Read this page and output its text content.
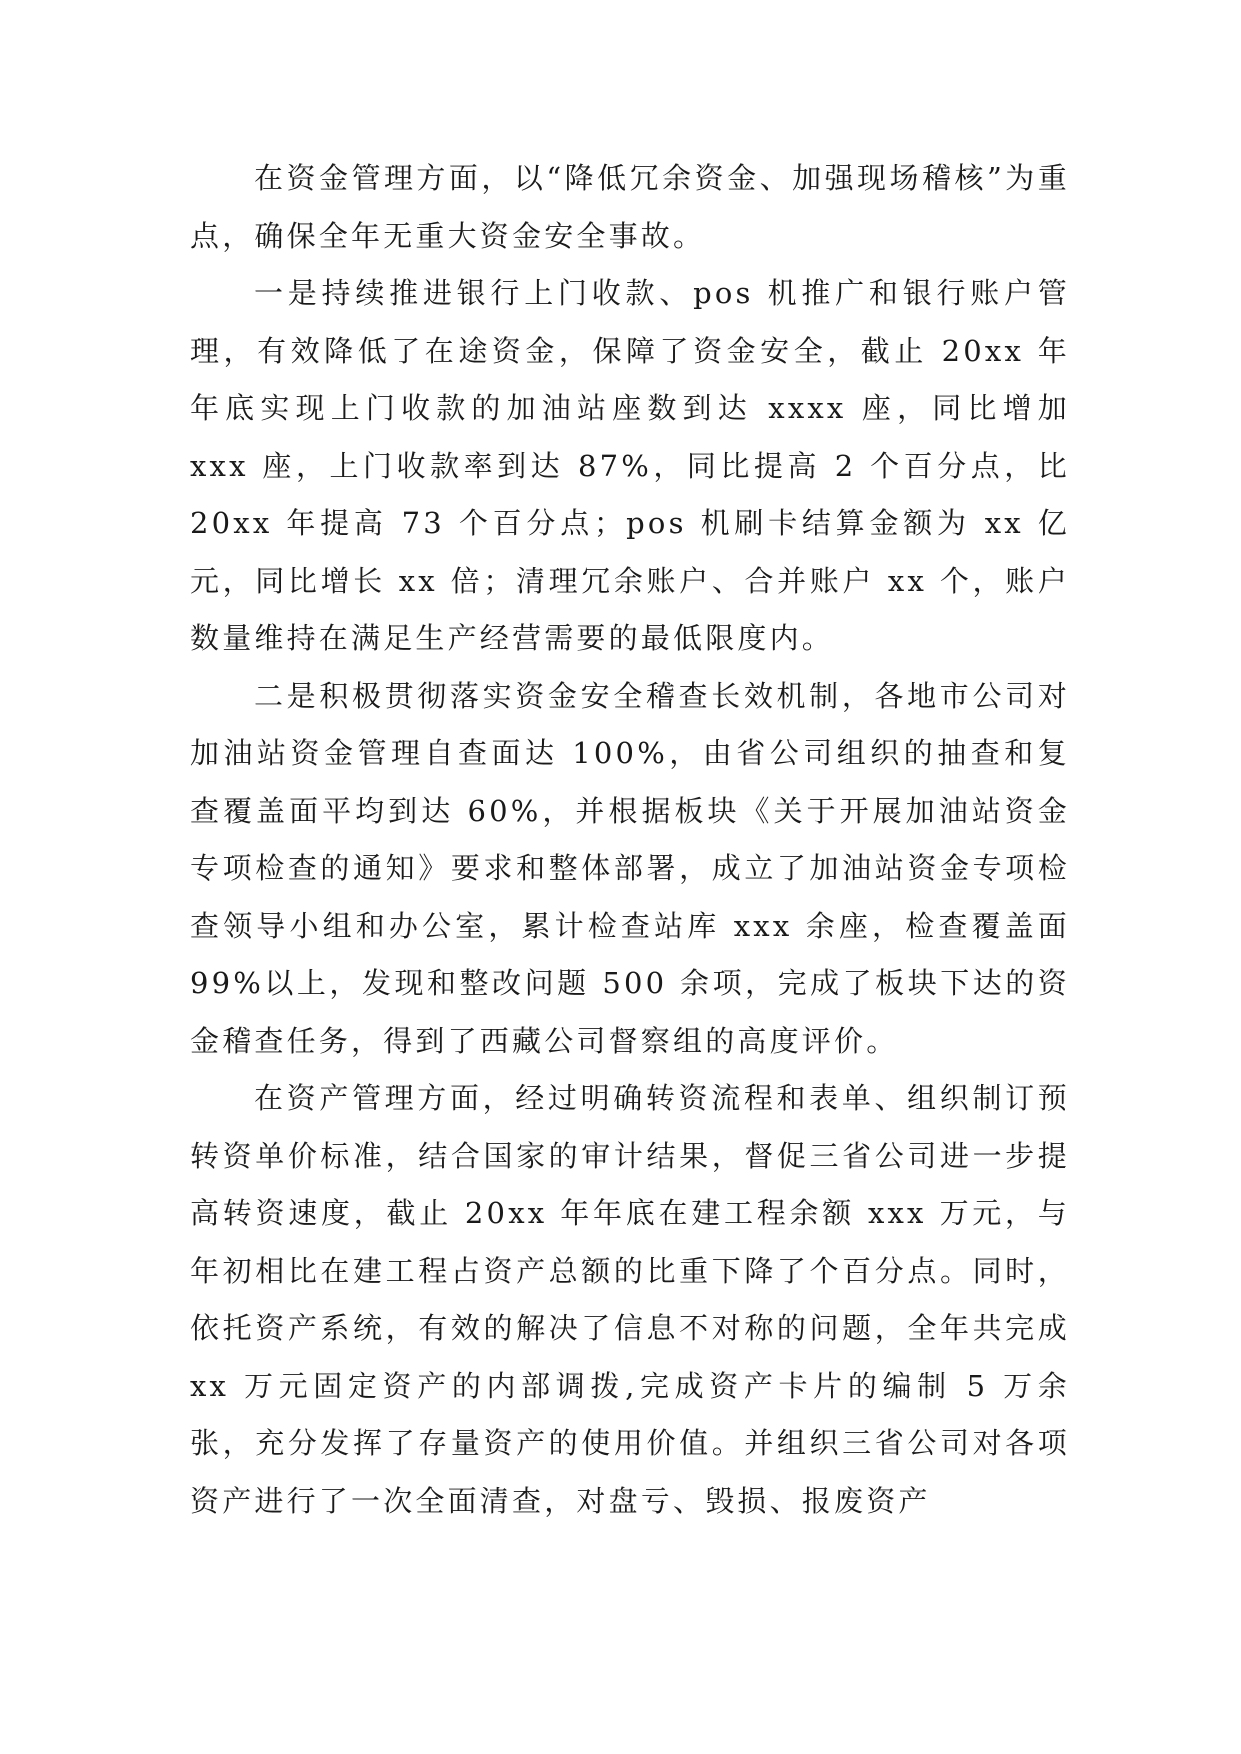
在资金管理方面，以“降低冗余资金、加强现场稽核”为重点，确保全年无重大资金安全事故。

一是持续推进银行上门收款、pos 机推广和银行账户管理，有效降低了在途资金，保障了资金安全，截止 20xx 年年底实现上门收款的加油站座数到达 xxxx 座，同比增加 xxx 座，上门收款率到达 87%，同比提高 2 个百分点，比 20xx 年提高 73 个百分点；pos 机刷卡结算金额为 xx 亿元，同比增长 xx 倍；清理冗余账户、合并账户 xx 个，账户数量维持在满足生产经营需要的最低限度内。

二是积极贯彻落实资金安全稽查长效机制，各地市公司对加油站资金管理自查面达 100%，由省公司组织的抽查和复查覆盖面平均到达 60%，并根据板块《关于开展加油站资金专项检查的通知》要求和整体部署，成立了加油站资金专项检查领导小组和办公室，累计检查站库 xxx 余座，检查覆盖面 99%以上，发现和整改问题 500 余项，完成了板块下达的资金稽查任务，得到了西藏公司督察组的高度评价。

在资产管理方面，经过明确转资流程和表单、组织制订预转资单价标准，结合国家的审计结果，督促三省公司进一步提高转资速度，截止 20xx 年年底在建工程余额 xxx 万元，与年初相比在建工程占资产总额的比重下降了个百分点。同时，依托资产系统，有效的解决了信息不对称的问题，全年共完成 xx 万元固定资产的内部调拨,完成资产卡片的编制 5 万余张，充分发挥了存量资产的使用价值。并组织三省公司对各项资产进行了一次全面清查，对盘亏、毁损、报废资产
